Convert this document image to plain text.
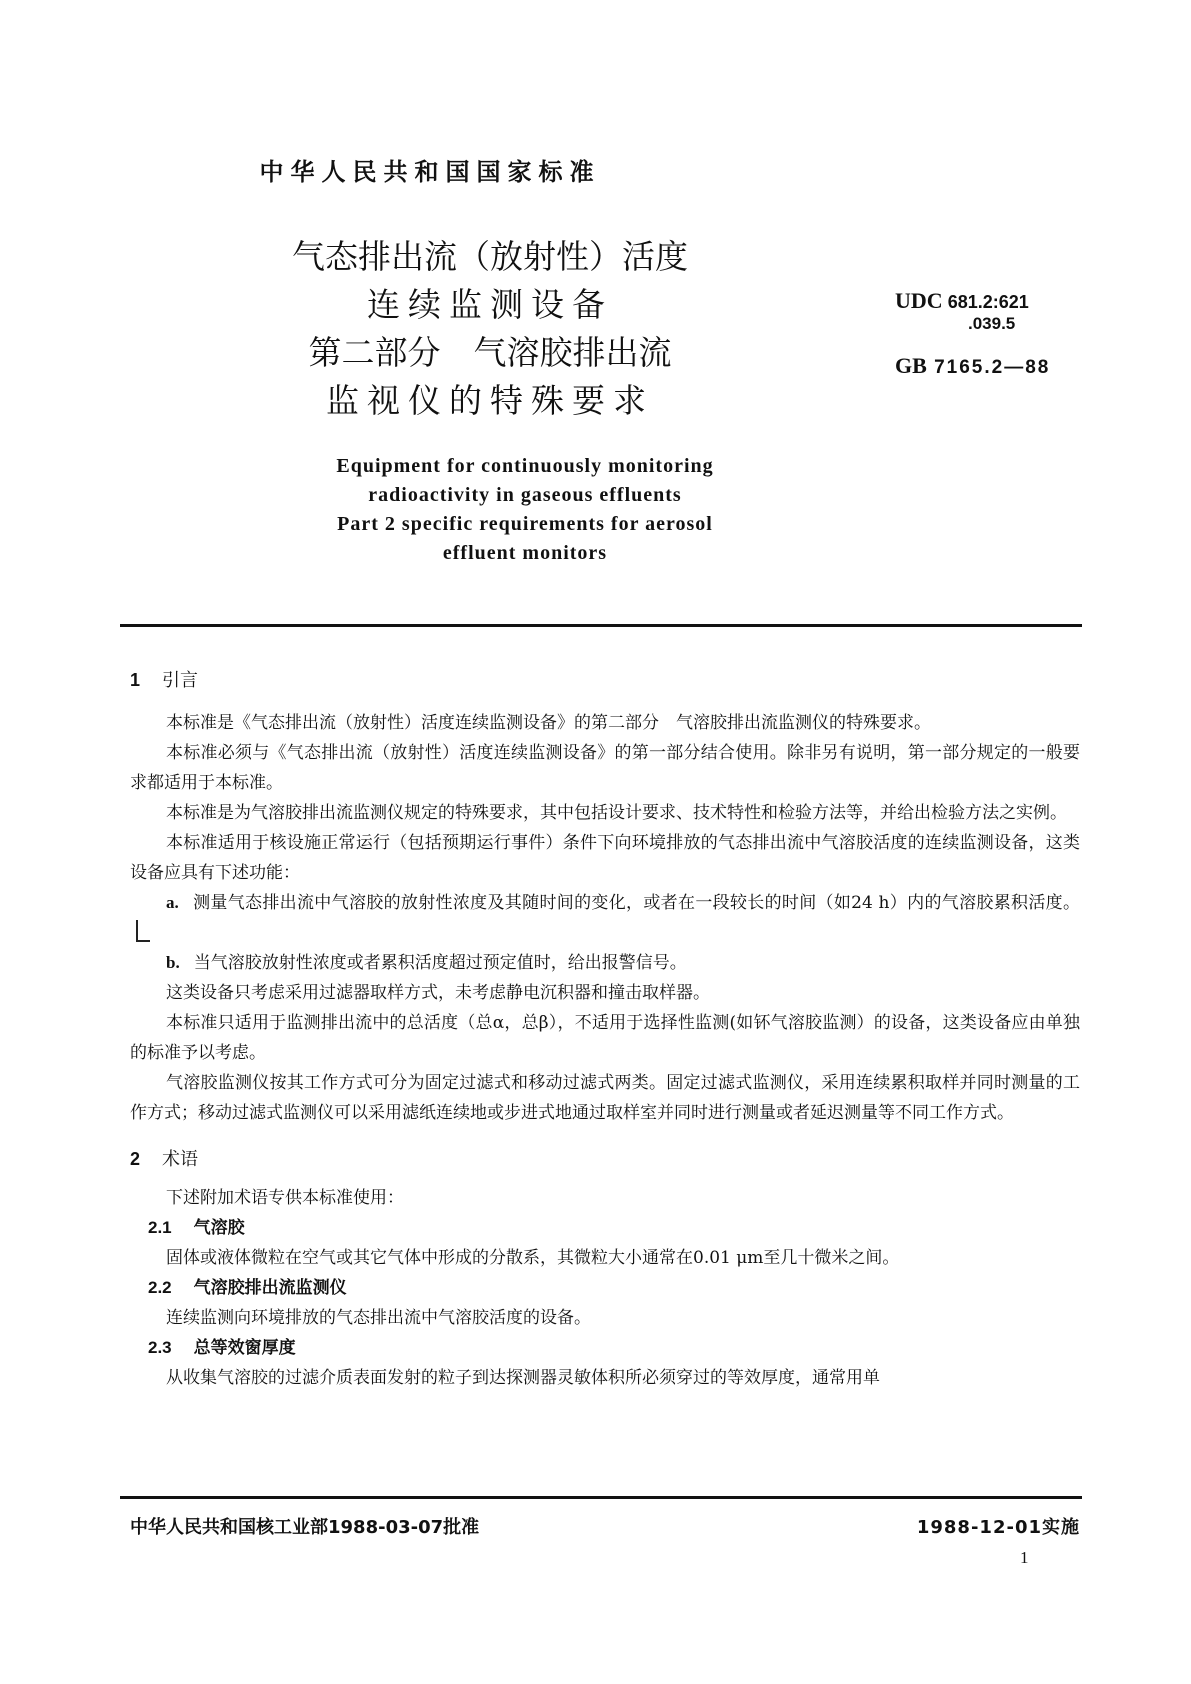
中华人民共和国国家标准
气态排出流（放射性）活度
连续监测设备
第二部分　气溶胶排出流
监视仪的特殊要求
UDC 681.2:621
.039.5
GB 7165.2—88
Equipment for continuously monitoring
radioactivity in gaseous effluents
Part 2 specific requirements for aerosol
effluent monitors
1 引言

本标准是《气态排出流（放射性）活度连续监测设备》的第二部分　气溶胶排出流监测仪的特殊要求。

本标准必须与《气态排出流（放射性）活度连续监测设备》的第一部分结合使用。除非另有说明，第一部分规定的一般要求都适用于本标准。

本标准是为气溶胶排出流监测仪规定的特殊要求，其中包括设计要求、技术特性和检验方法等，并给出检验方法之实例。

本标准适用于核设施正常运行（包括预期运行事件）条件下向环境排放的气态排出流中气溶胶活度的连续监测设备，这类设备应具有下述功能：

a. 测量气态排出流中气溶胶的放射性浓度及其随时间的变化，或者在一段较长的时间（如24 h）内的气溶胶累积活度。

b. 当气溶胶放射性浓度或者累积活度超过预定值时，给出报警信号。

这类设备只考虑采用过滤器取样方式，未考虑静电沉积器和撞击取样器。

本标准只适用于监测排出流中的总活度（总α，总β），不适用于选择性监测(如钚气溶胶监测）的设备，这类设备应由单独的标准予以考虑。

气溶胶监测仪按其工作方式可分为固定过滤式和移动过滤式两类。固定过滤式监测仪，采用连续累积取样并同时测量的工作方式；移动过滤式监测仪可以采用滤纸连续地或步进式地通过取样室并同时进行测量或者延迟测量等不同工作方式。

2 术语

下述附加术语专供本标准使用：

2.1 气溶胶

固体或液体微粒在空气或其它气体中形成的分散系，其微粒大小通常在0.01 μm至几十微米之间。

2.2 气溶胶排出流监测仪

连续监测向环境排放的气态排出流中气溶胶活度的设备。

2.3 总等效窗厚度

从收集气溶胶的过滤介质表面发射的粒子到达探测器灵敏体积所必须穿过的等效厚度，通常用单

中华人民共和国核工业部1988-03-07批准	1988-12-01实施
1
